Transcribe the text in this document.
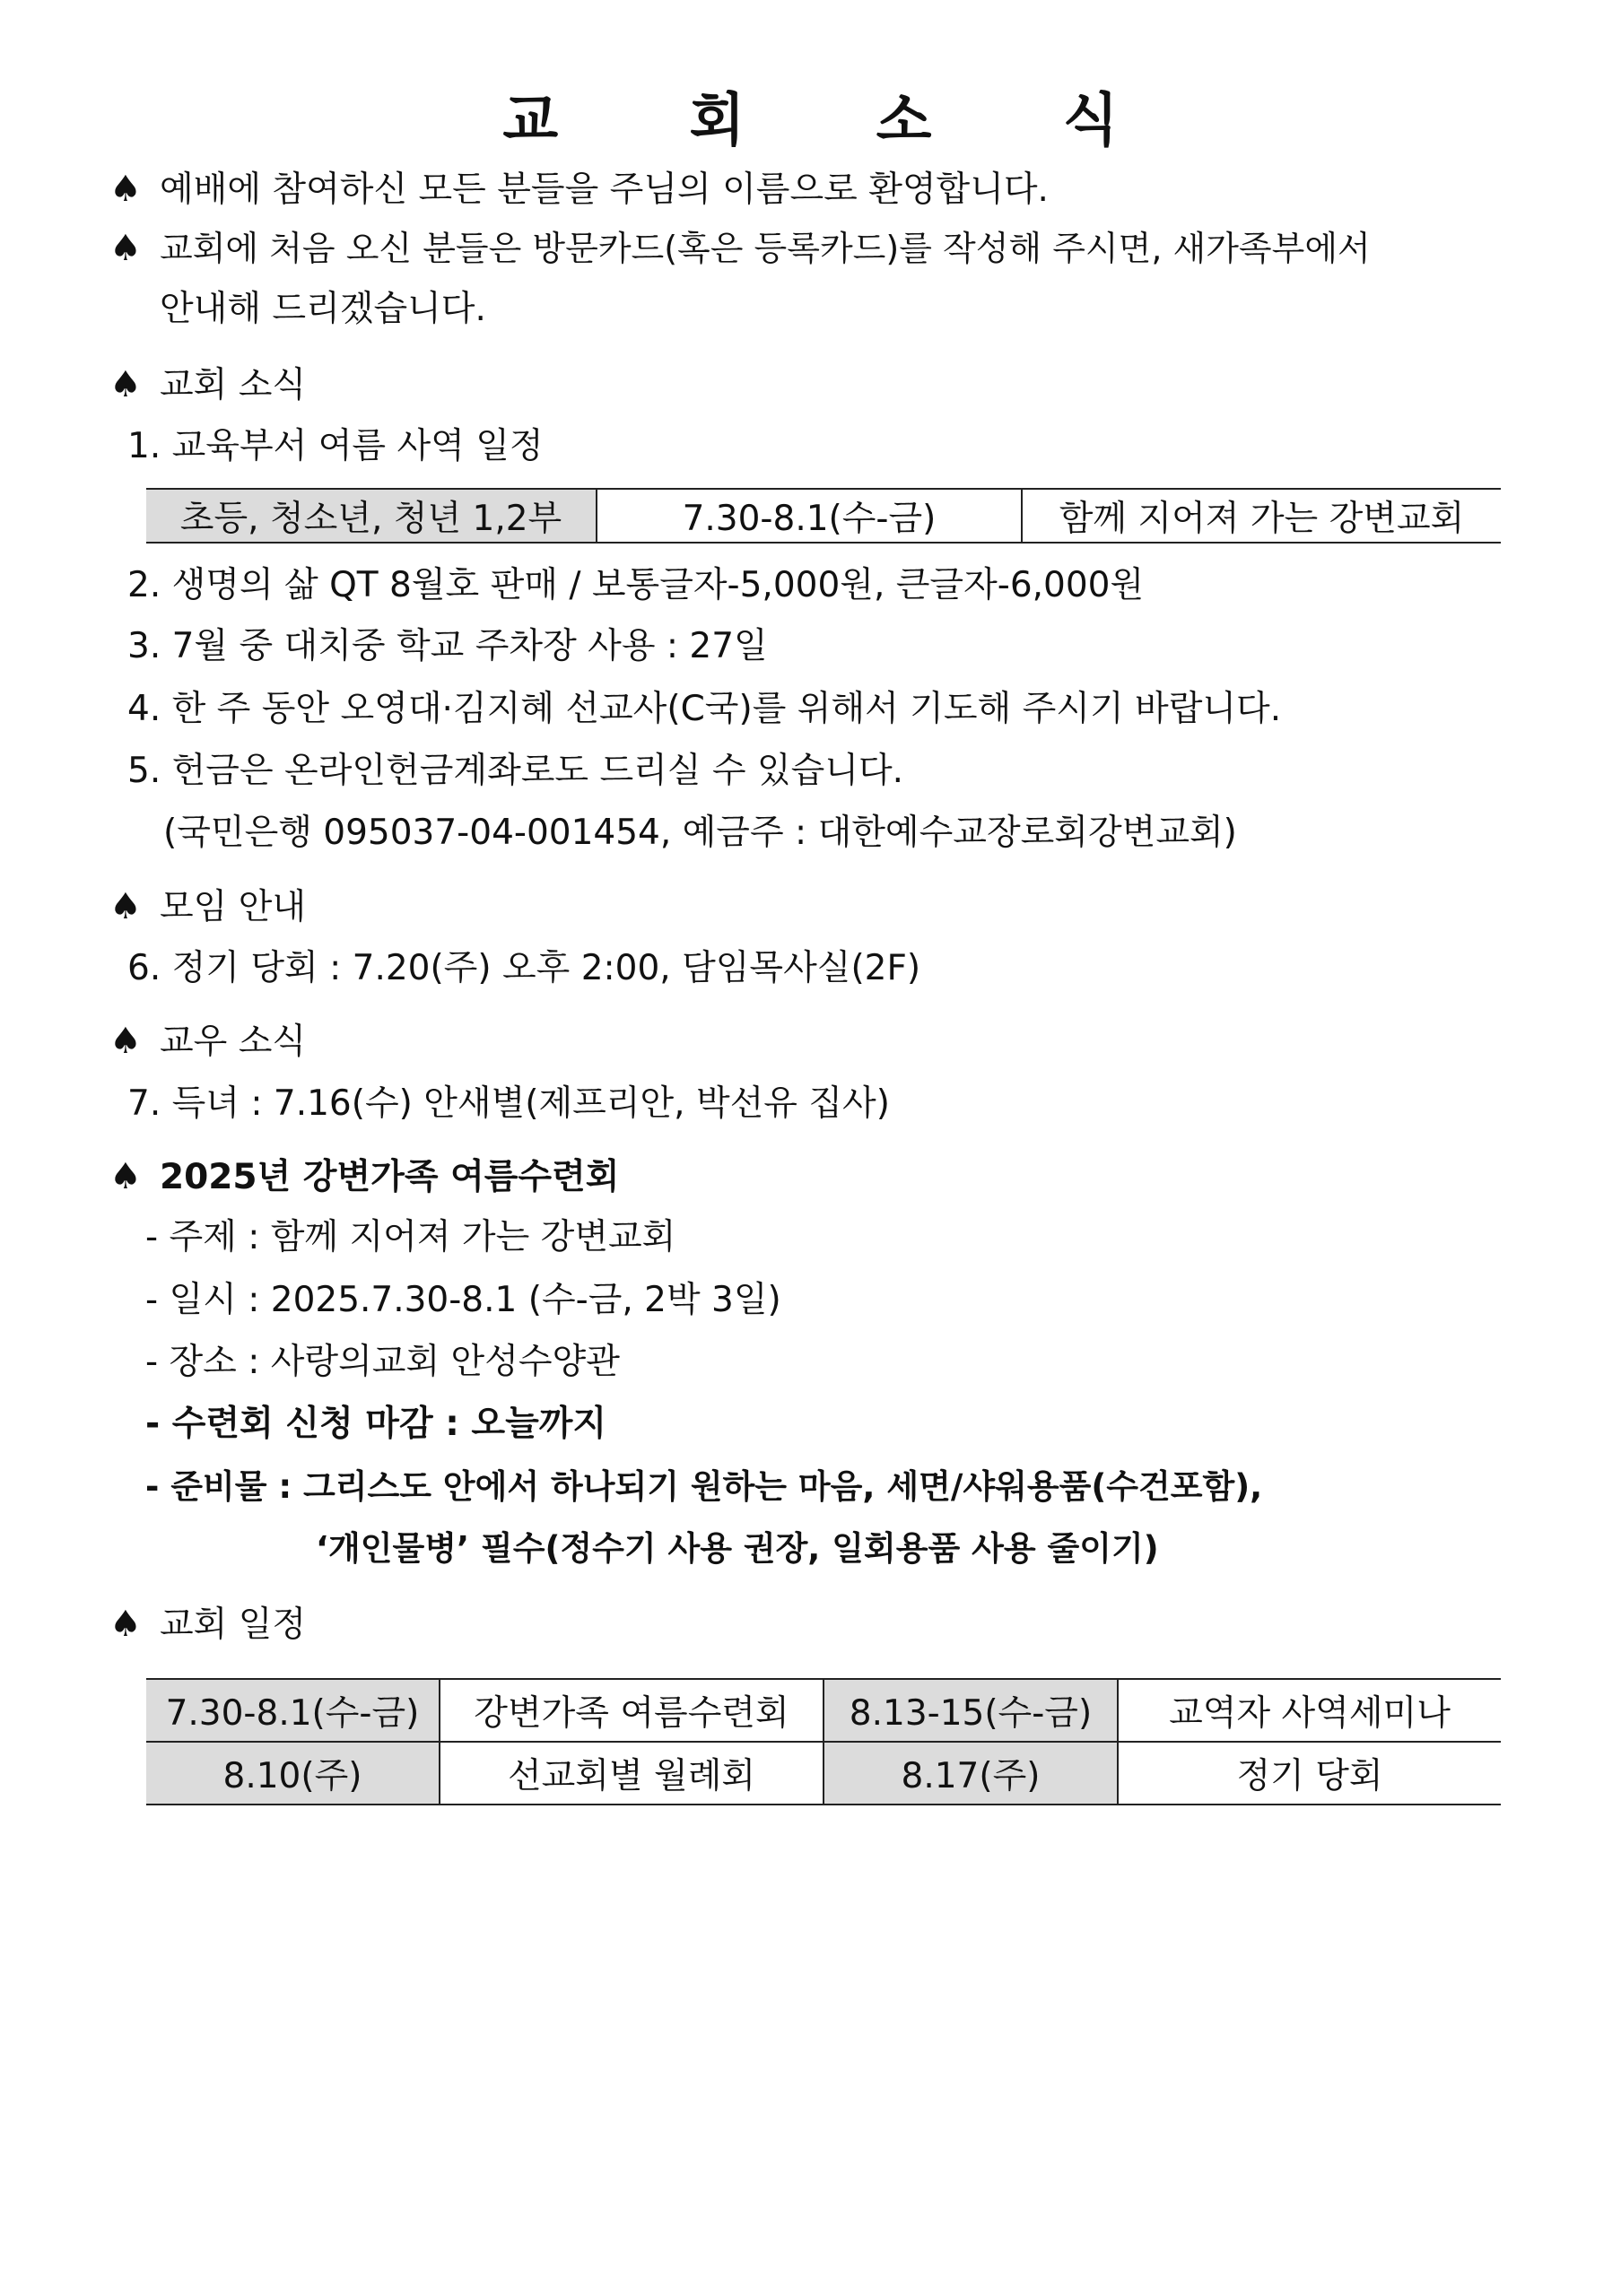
교 회 소 식
♠ 예배에 참여하신 모든 분들을 주님의 이름으로 환영합니다.
♠ 교회에 처음 오신 분들은 방문카드(혹은 등록카드)를 작성해 주시면, 새가족부에서
안내해 드리겠습니다.
♠ 교회 소식
1. 교육부서 여름 사역 일정
초등, 청소년, 청년 1,2부	7.30-8.1(수-금)	함께 지어져 가는 강변교회
2. 생명의 삶 QT 8월호 판매 / 보통글자-5,000원, 큰글자-6,000원
3. 7월 중 대치중 학교 주차장 사용 : 27일
4. 한 주 동안 오영대·김지혜 선교사(C국)를 위해서 기도해 주시기 바랍니다.
5. 헌금은 온라인헌금계좌로도 드리실 수 있습니다.
(국민은행 095037-04-001454, 예금주 : 대한예수교장로회강변교회)
♠ 모임 안내
6. 정기 당회 : 7.20(주) 오후 2:00, 담임목사실(2F)
♠ 교우 소식
7. 득녀 : 7.16(수) 안새별(제프리안, 박선유 집사)
♠ 2025년 강변가족 여름수련회
- 주제 : 함께 지어져 가는 강변교회
- 일시 : 2025.7.30-8.1 (수-금, 2박 3일)
- 장소 : 사랑의교회 안성수양관
- 수련회 신청 마감 : 오늘까지
- 준비물 : 그리스도 안에서 하나되기 원하는 마음, 세면/샤워용품(수건포함),
‘개인물병’ 필수(정수기 사용 권장, 일회용품 사용 줄이기)
♠ 교회 일정
7.30-8.1(수-금)	강변가족 여름수련회	8.13-15(수-금)	교역자 사역세미나
8.10(주)	선교회별 월례회	8.17(주)	정기 당회
